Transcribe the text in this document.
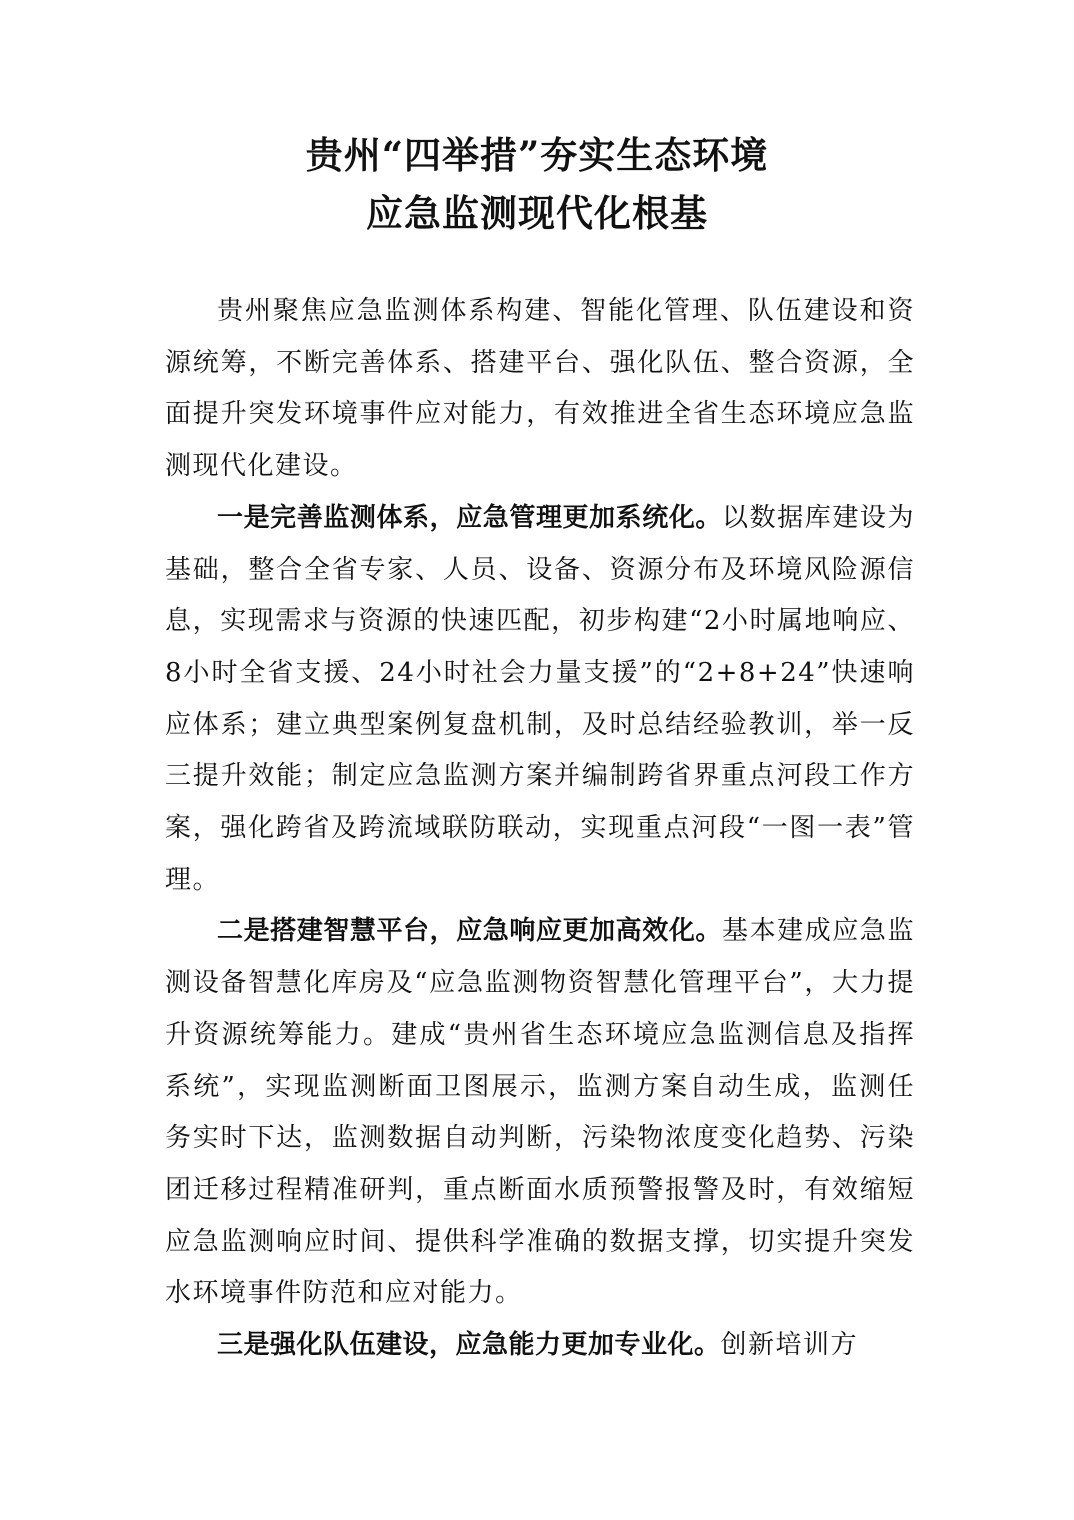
贵州“四举措”夯实生态环境
应急监测现代化根基

贵州聚焦应急监测体系构建、智能化管理、队伍建设和资源统筹，不断完善体系、搭建平台、强化队伍、整合资源，全面提升突发环境事件应对能力，有效推进全省生态环境应急监测现代化建设。

一是完善监测体系，应急管理更加系统化。以数据库建设为基础，整合全省专家、人员、设备、资源分布及环境风险源信息，实现需求与资源的快速匹配，初步构建“2小时属地响应、8小时全省支援、24小时社会力量支援”的“2+8+24”快速响应体系；建立典型案例复盘机制，及时总结经验教训，举一反三提升效能；制定应急监测方案并编制跨省界重点河段工作方案，强化跨省及跨流域联防联动，实现重点河段“一图一表”管理。

二是搭建智慧平台，应急响应更加高效化。基本建成应急监测设备智慧化库房及“应急监测物资智慧化管理平台”，大力提升资源统筹能力。建成“贵州省生态环境应急监测信息及指挥系统”，实现监测断面卫图展示，监测方案自动生成，监测任务实时下达，监测数据自动判断，污染物浓度变化趋势、污染团迁移过程精准研判，重点断面水质预警报警及时，有效缩短应急监测响应时间、提供科学准确的数据支撑，切实提升突发水环境事件防范和应对能力。

三是强化队伍建设，应急能力更加专业化。创新培训方
